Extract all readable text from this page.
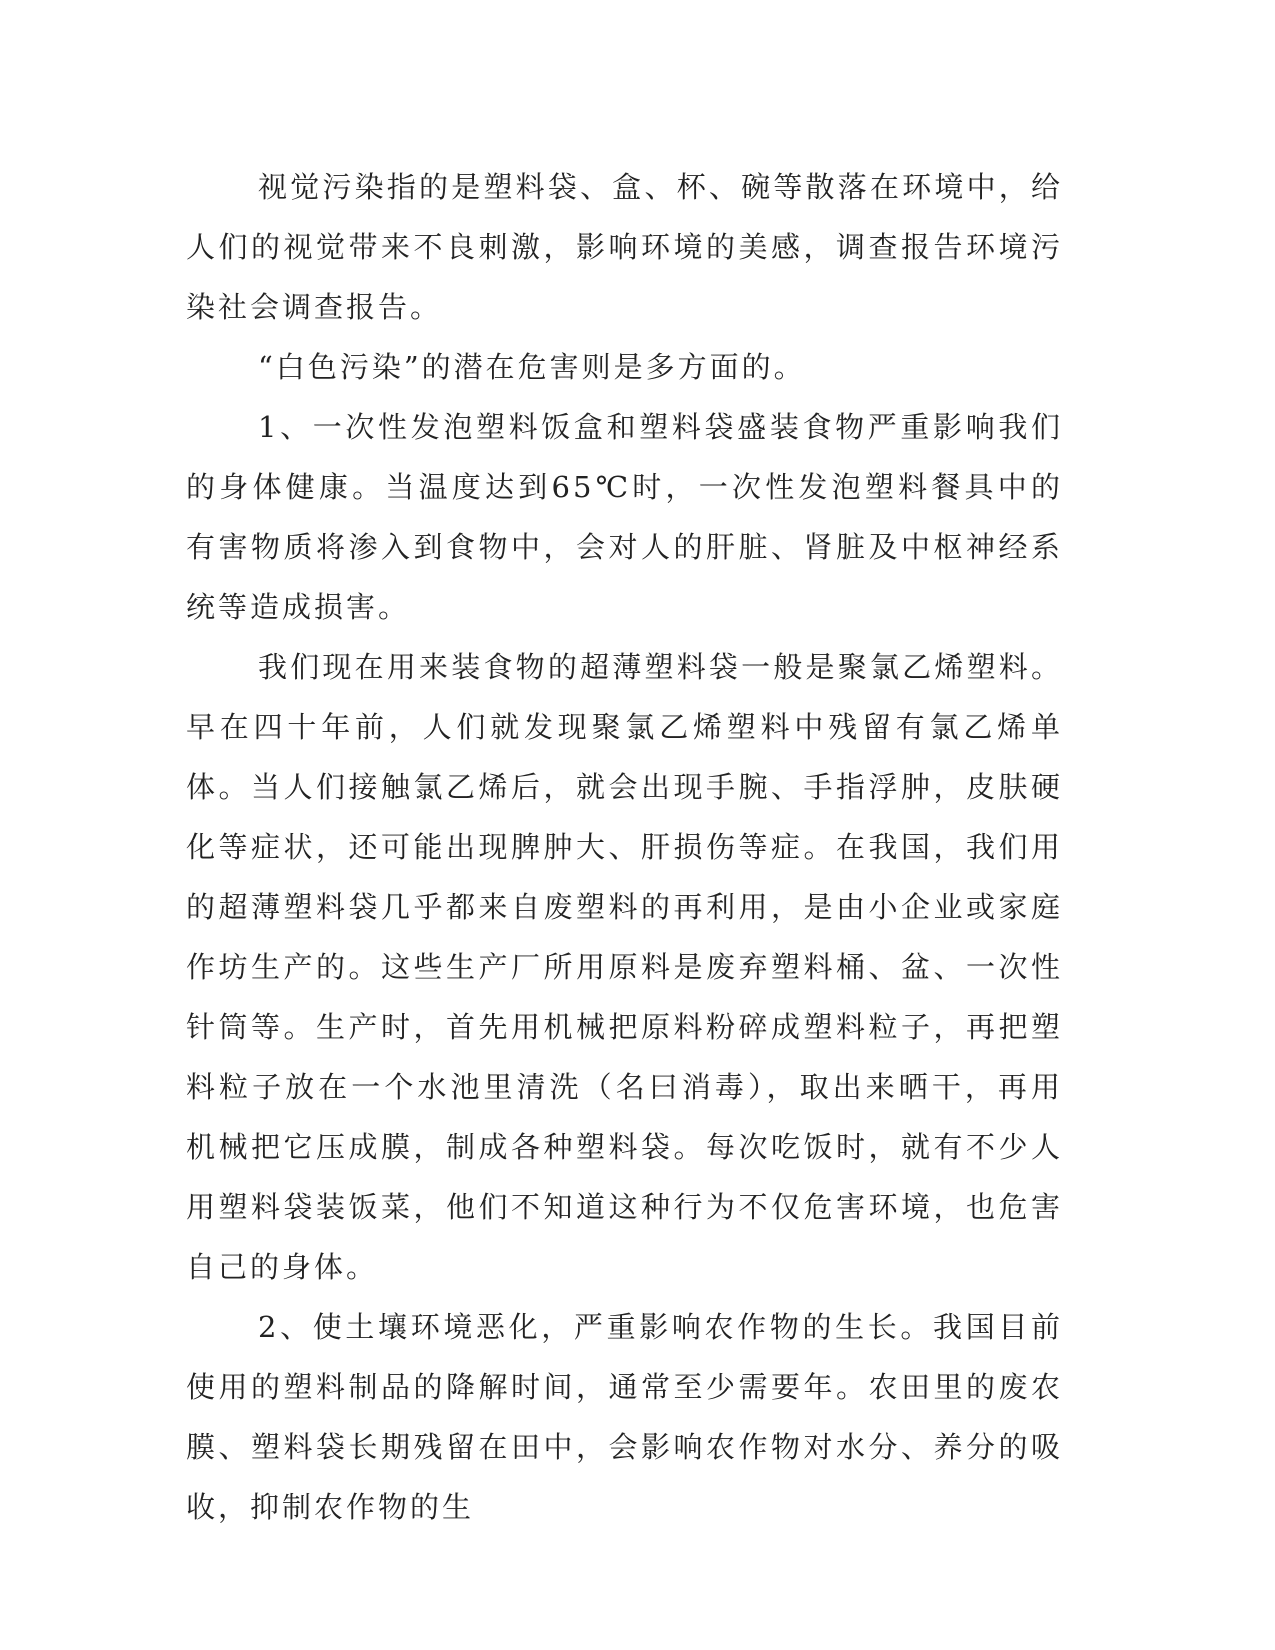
视觉污染指的是塑料袋、盒、杯、碗等散落在环境中，给人们的视觉带来不良刺激，影响环境的美感，调查报告环境污染社会调查报告。

“白色污染”的潜在危害则是多方面的。

1、一次性发泡塑料饭盒和塑料袋盛装食物严重影响我们的身体健康。当温度达到65℃时，一次性发泡塑料餐具中的有害物质将渗入到食物中，会对人的肝脏、肾脏及中枢神经系统等造成损害。

我们现在用来装食物的超薄塑料袋一般是聚氯乙烯塑料。早在四十年前，人们就发现聚氯乙烯塑料中残留有氯乙烯单体。当人们接触氯乙烯后，就会出现手腕、手指浮肿，皮肤硬化等症状，还可能出现脾肿大、肝损伤等症。在我国，我们用的超薄塑料袋几乎都来自废塑料的再利用，是由小企业或家庭作坊生产的。这些生产厂所用原料是废弃塑料桶、盆、一次性针筒等。生产时，首先用机械把原料粉碎成塑料粒子，再把塑料粒子放在一个水池里清洗（名曰消毒），取出来晒干，再用机械把它压成膜，制成各种塑料袋。每次吃饭时，就有不少人用塑料袋装饭菜，他们不知道这种行为不仅危害环境，也危害自己的身体。

2、使土壤环境恶化，严重影响农作物的生长。我国目前使用的塑料制品的降解时间，通常至少需要年。农田里的废农膜、塑料袋长期残留在田中，会影响农作物对水分、养分的吸收，抑制农作物的生
